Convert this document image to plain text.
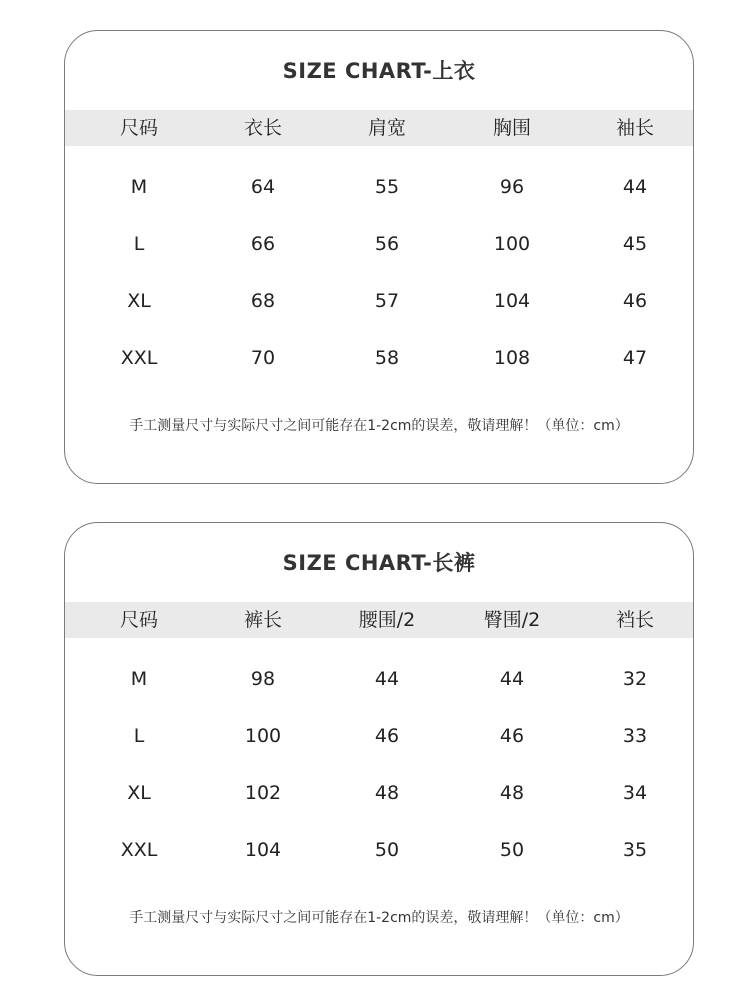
SIZE CHART-上衣
尺码	衣长	肩宽	胸围	袖长
M	64	55	96	44
L	66	56	100	45
XL	68	57	104	46
XXL	70	58	108	47
手工测量尺寸与实际尺寸之间可能存在1-2cm的误差，敬请理解！（单位：cm）
SIZE CHART-长裤
尺码	裤长	腰围/2	臀围/2	裆长
M	98	44	44	32
L	100	46	46	33
XL	102	48	48	34
XXL	104	50	50	35
手工测量尺寸与实际尺寸之间可能存在1-2cm的误差，敬请理解！（单位：cm）
